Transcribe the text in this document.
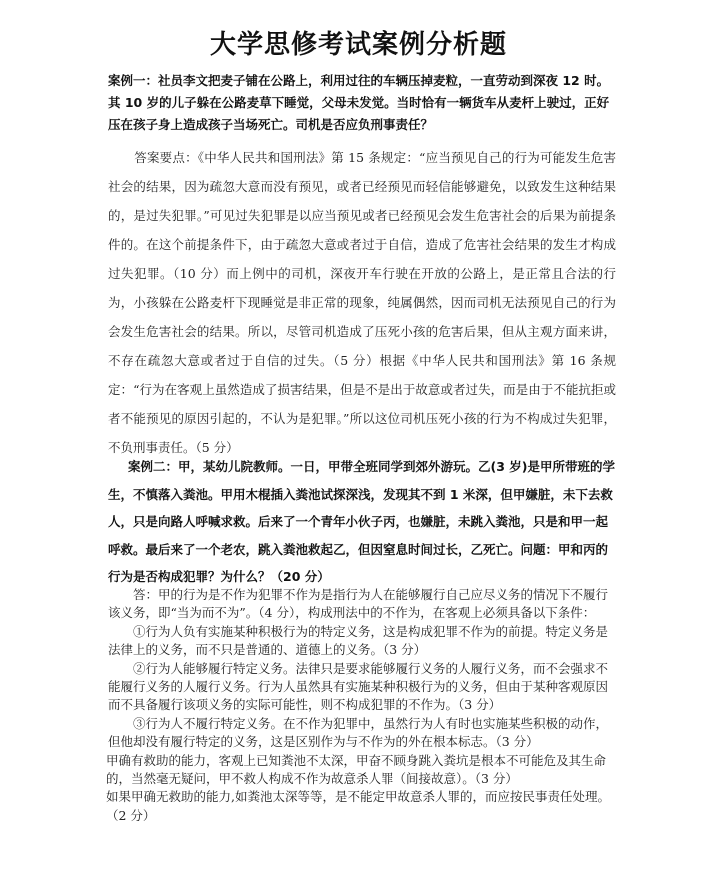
大学思修考试案例分析题

案例一：社员李文把麦子铺在公路上，利用过往的车辆压掉麦粒，一直劳动到深夜 12 时。其 10 岁的儿子躲在公路麦草下睡觉，父母未发觉。当时恰有一辆货车从麦杆上驶过，正好压在孩子身上造成孩子当场死亡。司机是否应负刑事责任？

答案要点：《中华人民共和国刑法》第 15 条规定：“应当预见自己的行为可能发生危害社会的结果，因为疏忽大意而没有预见，或者已经预见而轻信能够避免，以致发生这种结果的，是过失犯罪。”可见过失犯罪是以应当预见或者已经预见会发生危害社会的后果为前提条件的。在这个前提条件下，由于疏忽大意或者过于自信，造成了危害社会结果的发生才构成过失犯罪。（10 分）而上例中的司机，深夜开车行驶在开放的公路上，是正常且合法的行为，小孩躲在公路麦杆下现睡觉是非正常的现象，纯属偶然，因而司机无法预见自己的行为会发生危害社会的结果。所以，尽管司机造成了压死小孩的危害后果，但从主观方面来讲，不存在疏忽大意或者过于自信的过失。（5 分）根据《中华人民共和国刑法》第 16 条规定：“行为在客观上虽然造成了损害结果，但是不是出于故意或者过失，而是由于不能抗拒或者不能预见的原因引起的，不认为是犯罪。”所以这位司机压死小孩的行为不构成过失犯罪，不负刑事责任。（5 分）

案例二：甲，某幼儿院教师。一日，甲带全班同学到郊外游玩。乙(3 岁)是甲所带班的学生，不慎落入粪池。甲用木棍插入粪池试探深浅，发现其不到 1 米深，但甲嫌脏，未下去救人，只是向路人呼喊求救。后来了一个青年小伙子丙，也嫌脏，未跳入粪池，只是和甲一起呼救。最后来了一个老农，跳入粪池救起乙，但因窒息时间过长，乙死亡。问题：甲和丙的行为是否构成犯罪？为什么？（20 分）

答：甲的行为是不作为犯罪不作为是指行为人在能够履行自己应尽义务的情况下不履行该义务，即“当为而不为”。（4 分），构成刑法中的不作为，在客观上必须具备以下条件：

①行为人负有实施某种积极行为的特定义务，这是构成犯罪不作为的前提。特定义务是法律上的义务，而不只是普通的、道德上的义务。（3 分）

②行为人能够履行特定义务。法律只是要求能够履行义务的人履行义务，而不会强求不能履行义务的人履行义务。行为人虽然具有实施某种积极行为的义务，但由于某种客观原因而不具备履行该项义务的实际可能性，则不构成犯罪的不作为。（3 分）

③行为人不履行特定义务。在不作为犯罪中，虽然行为人有时也实施某些积极的动作，但他却没有履行特定的义务，这是区别作为与不作为的外在根本标志。（3 分）

甲确有救助的能力，客观上已知粪池不太深，甲奋不顾身跳入粪坑是根本不可能危及其生命的，当然毫无疑问，甲不救人构成不作为故意杀人罪（间接故意）。（3 分）

如果甲确无救助的能力,如粪池太深等等，是不能定甲故意杀人罪的，而应按民事责任处理。（2 分）
